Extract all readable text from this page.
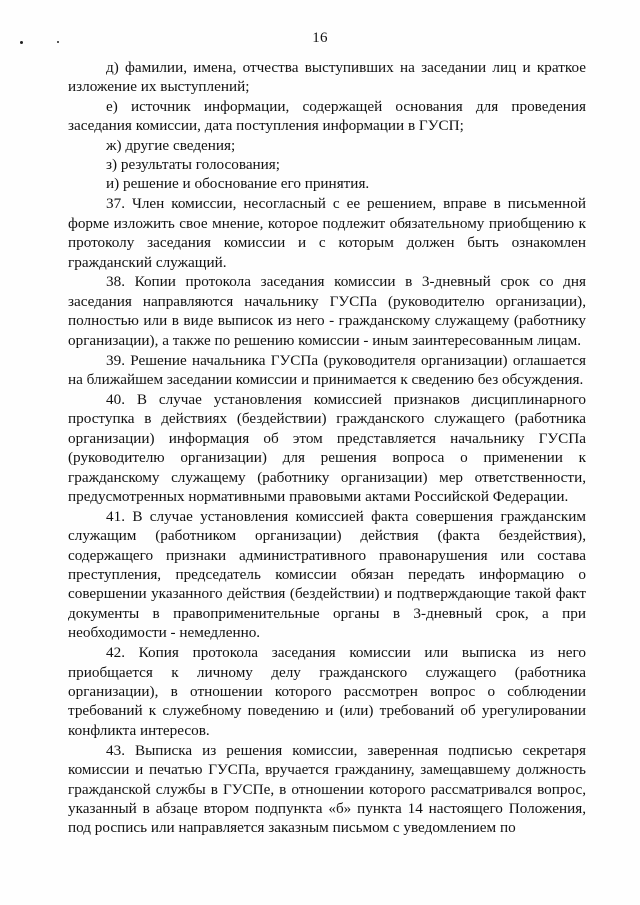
16

д) фамилии, имена, отчества выступивших на заседании лиц и краткое изложение их выступлений;

е) источник информации, содержащей основания для проведения заседания комиссии, дата поступления информации в ГУСП;

ж) другие сведения;

з) результаты голосования;

и) решение и обоснование его принятия.

37. Член комиссии, несогласный с ее решением, вправе в письменной форме изложить свое мнение, которое подлежит обязательному приобщению к протоколу заседания комиссии и с которым должен быть ознакомлен гражданский служащий.

38. Копии протокола заседания комиссии в 3-дневный срок со дня заседания направляются начальнику ГУСПа (руководителю организации), полностью или в виде выписок из него - гражданскому служащему (работнику организации), а также по решению комиссии - иным заинтересованным лицам.

39. Решение начальника ГУСПа (руководителя организации) оглашается на ближайшем заседании комиссии и принимается к сведению без обсуждения.

40. В случае установления комиссией признаков дисциплинарного проступка в действиях (бездействии) гражданского служащего (работника организации) информация об этом представляется начальнику ГУСПа (руководителю организации) для решения вопроса о применении к гражданскому служащему (работнику организации) мер ответственности, предусмотренных нормативными правовыми актами Российской Федерации.

41. В случае установления комиссией факта совершения гражданским служащим (работником организации) действия (факта бездействия), содержащего признаки административного правонарушения или состава преступления, председатель комиссии обязан передать информацию о совершении указанного действия (бездействии) и подтверждающие такой факт документы в правоприменительные органы в 3-дневный срок, а при необходимости - немедленно.

42. Копия протокола заседания комиссии или выписка из него приобщается к личному делу гражданского служащего (работника организации), в отношении которого рассмотрен вопрос о соблюдении требований к служебному поведению и (или) требований об урегулировании конфликта интересов.

43. Выписка из решения комиссии, заверенная подписью секретаря комиссии и печатью ГУСПа, вручается гражданину, замещавшему должность гражданской службы в ГУСПе, в отношении которого рассматривался вопрос, указанный в абзаце втором подпункта «б» пункта 14 настоящего Положения, под роспись или направляется заказным письмом с уведомлением по
